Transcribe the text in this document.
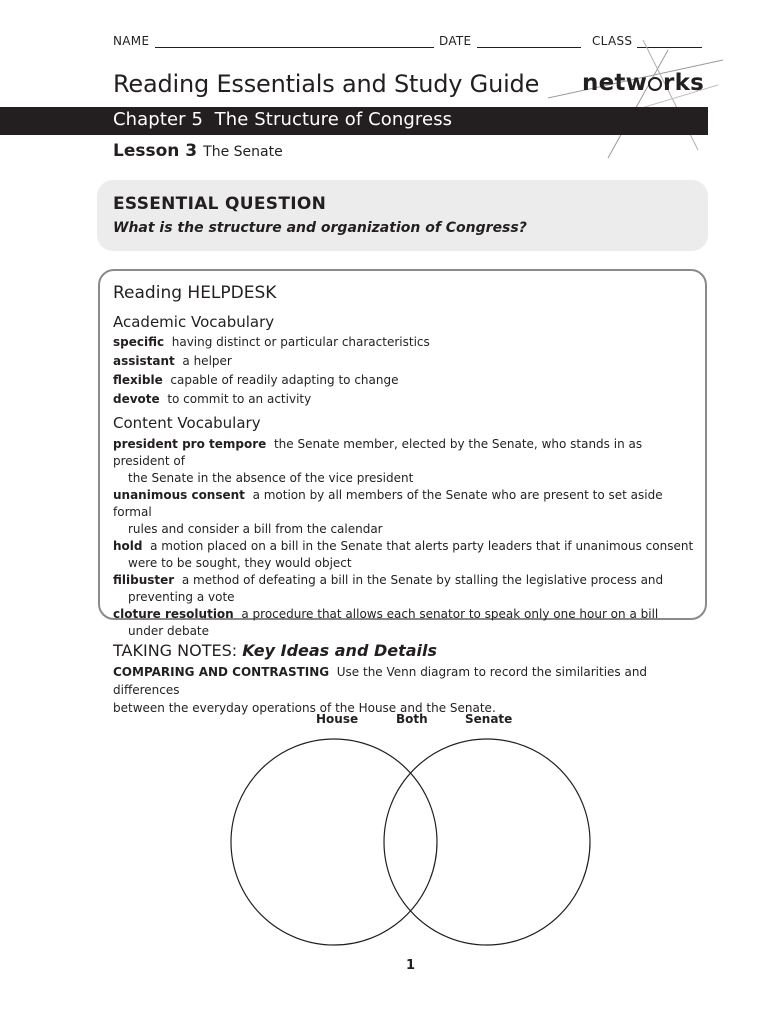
NAME	DATE	CLASS
Reading Essentials and Study Guide netw rks
Chapter 5  The Structure of Congress
Lesson 3 The Senate
ESSENTIAL QUESTION
What is the structure and organization of Congress?
Reading HELPDESK
Academic Vocabulary
specific having distinct or particular characteristics
assistant a helper
flexible capable of readily adapting to change
devote to commit to an activity
Content Vocabulary
president pro tempore the Senate member, elected by the Senate, who stands in as president of
the Senate in the absence of the vice president
unanimous consent a motion by all members of the Senate who are present to set aside formal
rules and consider a bill from the calendar
hold a motion placed on a bill in the Senate that alerts party leaders that if unanimous consent
were to be sought, they would object
filibuster a method of defeating a bill in the Senate by stalling the legislative process and
preventing a vote
cloture resolution a procedure that allows each senator to speak only one hour on a bill
under debate
TAKING NOTES: Key Ideas and Details
COMPARING AND CONTRASTING Use the Venn diagram to record the similarities and differences
between the everyday operations of the House and the Senate.
House	Both	Senate
1
